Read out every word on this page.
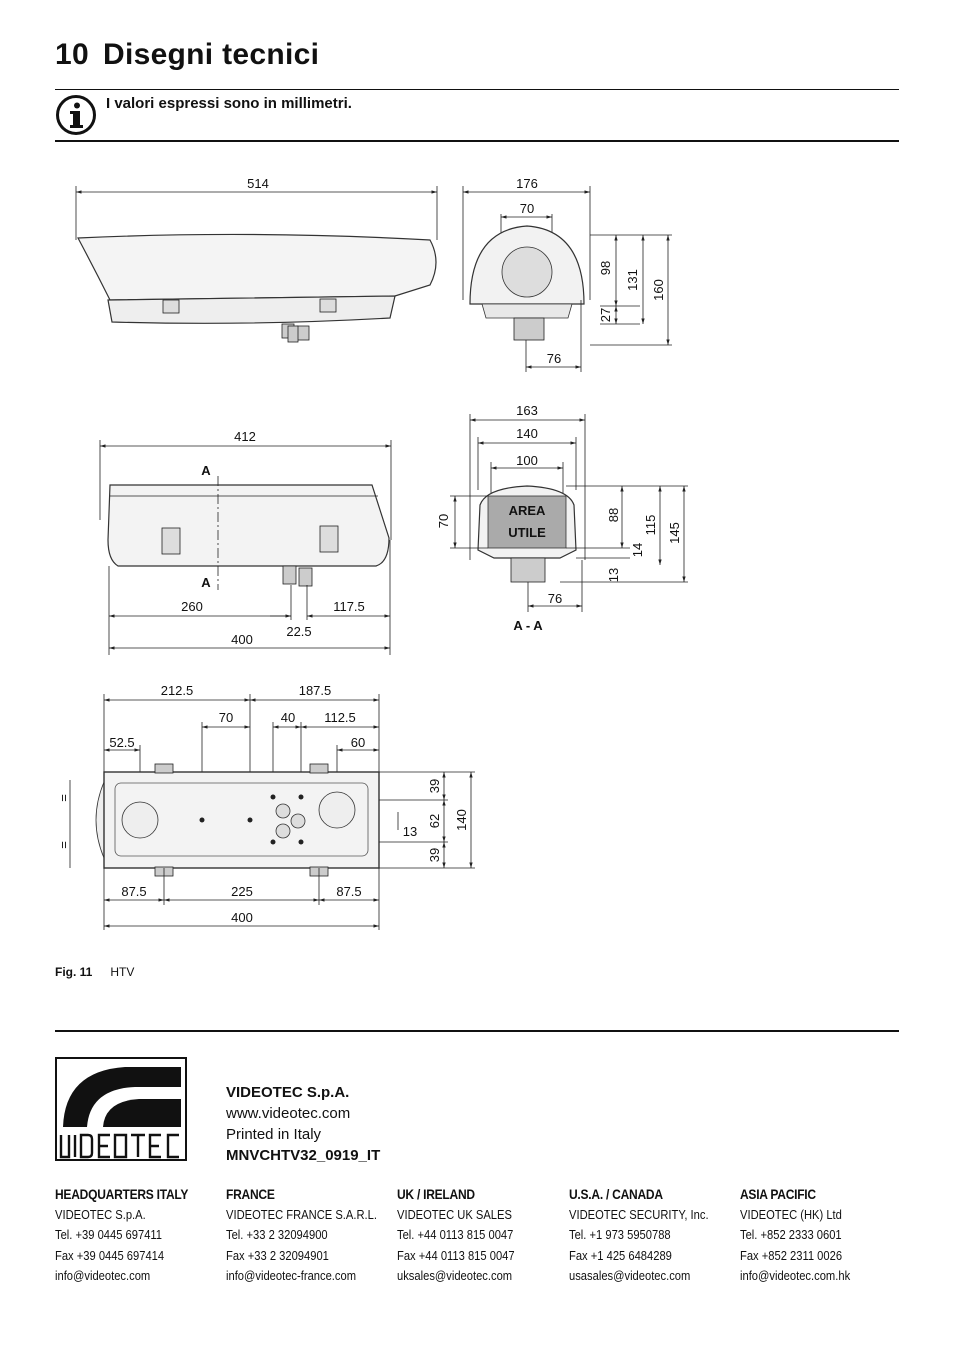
10 Disegni tecnici
I valori espressi sono in millimetri.
514	176
70
98
131 160
27
76
412
A
A
260	117.5
22.5
400
163
140
100
70	88 115 145
14
13
AREA
UTILE
76
A - A
212.5	187.5
70	40 112.5
52.5	60
39
62 140
13
39
=
=
87.5	225	87.5
400
Fig. 11 HTV
VIDEOTEC S.p.A.
www.videotec.com
Printed in Italy
MNVCHTV32_0919_IT
HEADQUARTERS ITALY
VIDEOTEC S.p.A.
Tel. +39 0445 697411
Fax +39 0445 697414
info@videotec.com
FRANCE
VIDEOTEC FRANCE S.A.R.L.
Tel. +33 2 32094900
Fax +33 2 32094901
info@videotec-france.com
UK / IRELAND
VIDEOTEC UK SALES
Tel. +44 0113 815 0047
Fax +44 0113 815 0047
uksales@videotec.com
U.S.A. / CANADA
VIDEOTEC SECURITY, Inc.
Tel. +1 973 5950788
Fax +1 425 6484289
usasales@videotec.com
ASIA PACIFIC
VIDEOTEC (HK) Ltd
Tel. +852 2333 0601
Fax +852 2311 0026
info@videotec.com.hk
